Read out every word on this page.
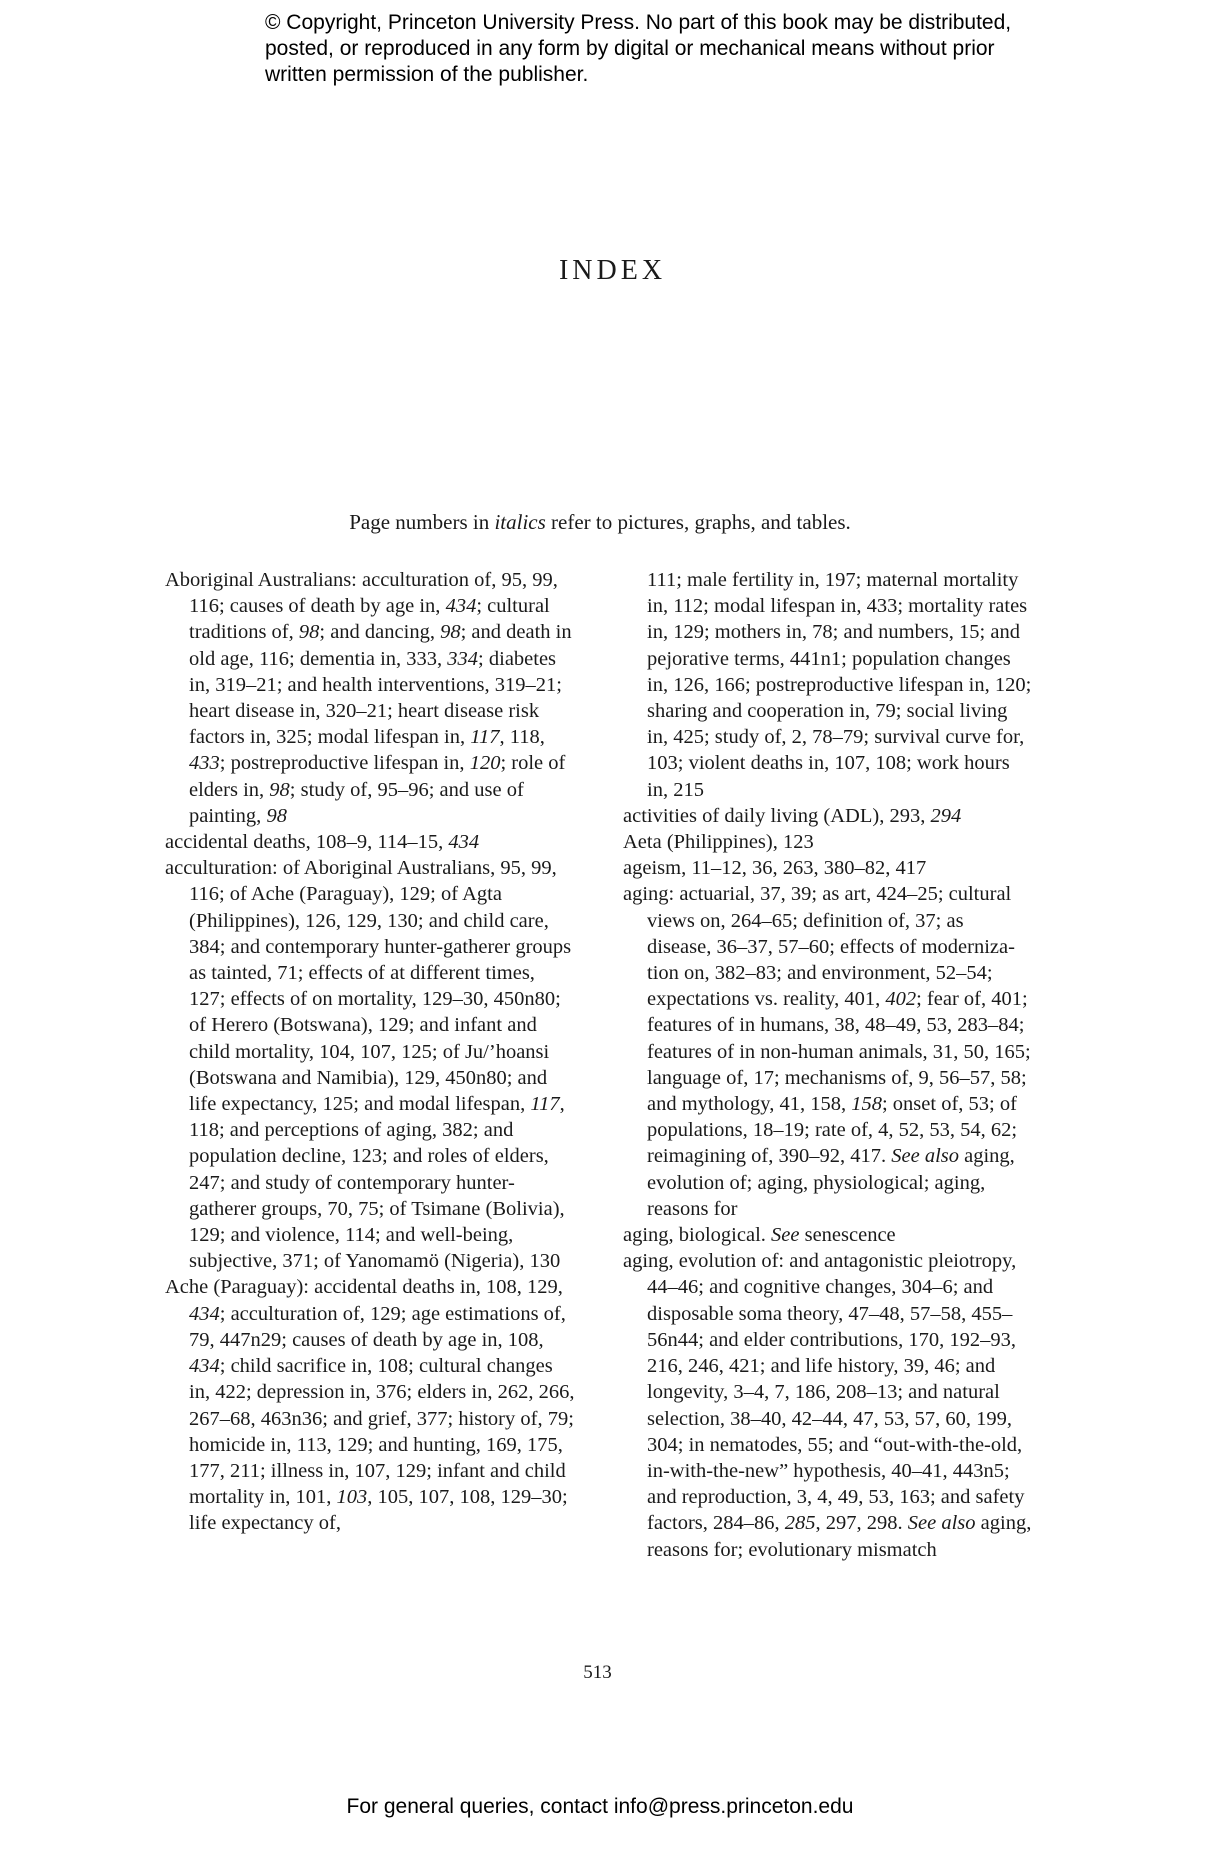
© Copyright, Princeton University Press. No part of this book may be distributed, posted, or reproduced in any form by digital or mechanical means without prior written permission of the publisher.
INDEX
Page numbers in italics refer to pictures, graphs, and tables.

Aboriginal Australians: acculturation of, 95, 99, 116; causes of death by age in, 434; cultural traditions of, 98; and dancing, 98; and death in old age, 116; dementia in, 333, 334; diabetes in, 319–21; and health interventions, 319–21; heart disease in, 320–21; heart disease risk factors in, 325; modal lifespan in, 117, 118, 433; postreproductive lifespan in, 120; role of elders in, 98; study of, 95–96; and use of painting, 98

accidental deaths, 108–9, 114–15, 434

acculturation: of Aboriginal Australians, 95, 99, 116; of Ache (Paraguay), 129; of Agta (Philippines), 126, 129, 130; and child care, 384; and contemporary hunter-gatherer groups as tainted, 71; effects of at different times, 127; effects of on mortality, 129–30, 450n80; of Herero (Botswana), 129; and infant and child mortality, 104, 107, 125; of Ju/’hoansi (Botswana and Namibia), 129, 450n80; and life expectancy, 125; and modal lifespan, 117, 118; and perceptions of aging, 382; and population decline, 123; and roles of elders, 247; and study of contemporary hunter-gatherer groups, 70, 75; of Tsimane (Bolivia), 129; and violence, 114; and well-being, subjective, 371; of Yanomamö (Nigeria), 130

Ache (Paraguay): accidental deaths in, 108, 129, 434; acculturation of, 129; age estimations of, 79, 447n29; causes of death by age in, 108, 434; child sacrifice in, 108; cultural changes in, 422; depression in, 376; elders in, 262, 266, 267–68, 463n36; and grief, 377; history of, 79; homicide in, 113, 129; and hunting, 169, 175, 177, 211; illness in, 107, 129; infant and child mortality in, 101, 103, 105, 107, 108, 129–30; life expectancy of,

111; male fertility in, 197; maternal mortality in, 112; modal lifespan in, 433; mortality rates in, 129; mothers in, 78; and numbers, 15; and pejorative terms, 441n1; population changes in, 126, 166; postreproductive lifespan in, 120; sharing and cooperation in, 79; social living in, 425; study of, 2, 78–79; survival curve for, 103; violent deaths in, 107, 108; work hours in, 215

activities of daily living (ADL), 293, 294

Aeta (Philippines), 123

ageism, 11–12, 36, 263, 380–82, 417

aging: actuarial, 37, 39; as art, 424–25; cultural views on, 264–65; definition of, 37; as disease, 36–37, 57–60; effects of modernization on, 382–83; and environment, 52–54; expectations vs. reality, 401, 402; fear of, 401; features of in humans, 38, 48–49, 53, 283–84; features of in non-human animals, 31, 50, 165; language of, 17; mechanisms of, 9, 56–57, 58; and mythology, 41, 158, 158; onset of, 53; of populations, 18–19; rate of, 4, 52, 53, 54, 62; reimagining of, 390–92, 417. See also aging, evolution of; aging, physiological; aging, reasons for

aging, biological. See senescence

aging, evolution of: and antagonistic pleiotropy, 44–46; and cognitive changes, 304–6; and disposable soma theory, 47–48, 57–58, 455–56n44; and elder contributions, 170, 192–93, 216, 246, 421; and life history, 39, 46; and longevity, 3–4, 7, 186, 208–13; and natural selection, 38–40, 42–44, 47, 53, 57, 60, 199, 304; in nematodes, 55; and “out-with-the-old, in-with-the-new” hypothesis, 40–41, 443n5; and reproduction, 3, 4, 49, 53, 163; and safety factors, 284–86, 285, 297, 298. See also aging, reasons for; evolutionary mismatch

513
For general queries, contact info@press.princeton.edu
